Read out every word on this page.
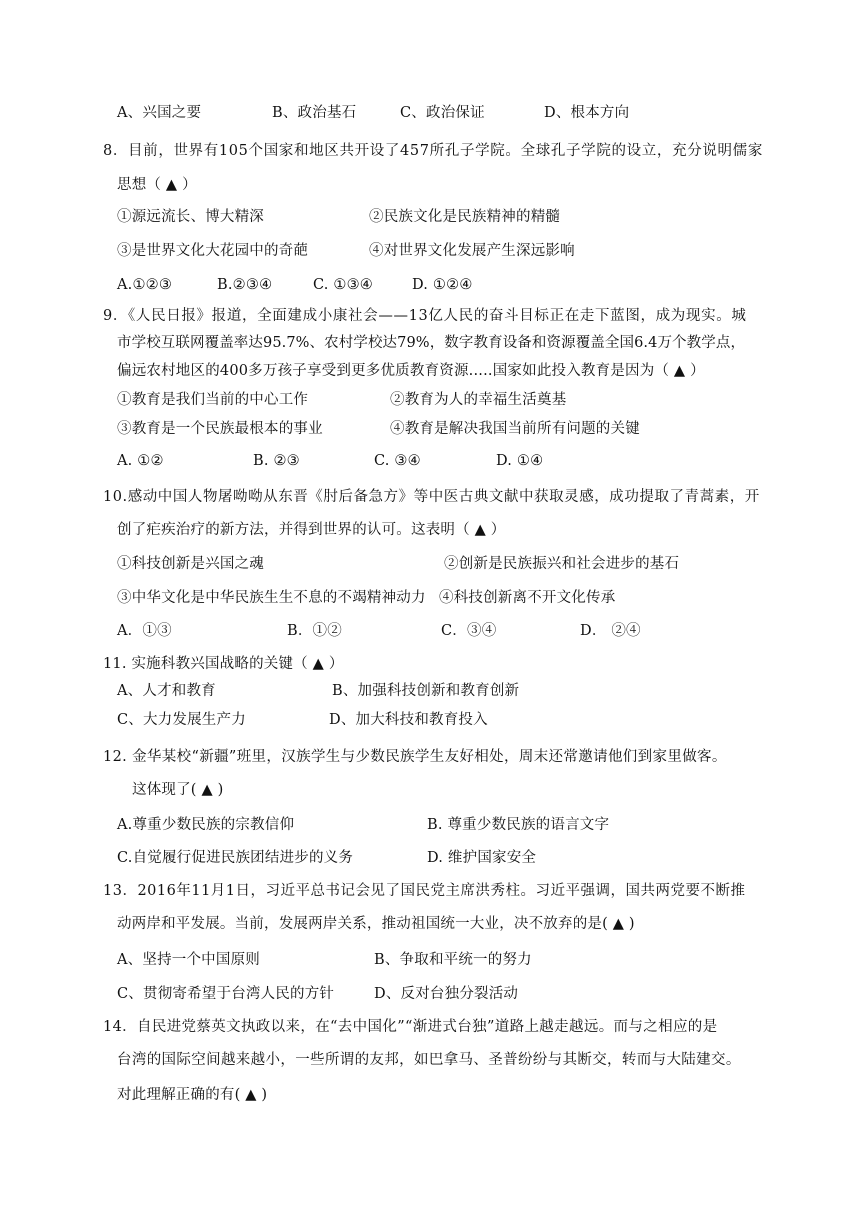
A、兴国之要	B、政治基石	C、政治保证	D、根本方向
8．目前，世界有105个国家和地区共开设了457所孔子学院。全球孔子学院的设立，充分说明儒家
思想（ ▲ ）
①源远流长、博大精深	②民族文化是民族精神的精髓
③是世界文化大花园中的奇葩	④对世界文化发展产生深远影响
A.①②③	B.②③④	C. ①③④	D. ①②④
9．《人民日报》报道，全面建成小康社会——13亿人民的奋斗目标正在走下蓝图，成为现实。城
市学校互联网覆盖率达95.7%、农村学校达79%，数字教育设备和资源覆盖全国6.4万个教学点，
偏远农村地区的400多万孩子享受到更多优质教育资源.....国家如此投入教育是因为（ ▲ ）
①教育是我们当前的中心工作	②教育为人的幸福生活奠基
③教育是一个民族最根本的事业	④教育是解决我国当前所有问题的关键
A. ①②	B. ②③	C. ③④	D. ①④
10.感动中国人物屠呦呦从东晋《肘后备急方》等中医古典文献中获取灵感，成功提取了青蒿素，开
创了疟疾治疗的新方法，并得到世界的认可。这表明（ ▲ ）
①科技创新是兴国之魂	②创新是民族振兴和社会进步的基石
③中华文化是中华民族生生不息的不竭精神动力 ④科技创新离不开文化传承
A．①③	B．①②	C．③④	D． ②④
11. 实施科教兴国战略的关键（ ▲ ）
A、人才和教育	B、加强科技创新和教育创新
C、大力发展生产力	D、加大科技和教育投入
12. 金华某校“新疆”班里，汉族学生与少数民族学生友好相处，周末还常邀请他们到家里做客。
这体现了( ▲ )
A.尊重少数民族的宗教信仰	B. 尊重少数民族的语言文字
C.自觉履行促进民族团结进步的义务	D. 维护国家安全
13．2016年11月1日，习近平总书记会见了国民党主席洪秀柱。习近平强调，国共两党要不断推
动两岸和平发展。当前，发展两岸关系，推动祖国统一大业，决不放弃的是( ▲ )
A、坚持一个中国原则	B、争取和平统一的努力
C、贯彻寄希望于台湾人民的方针	D、反对台独分裂活动
14．自民进党蔡英文执政以来，在“去中国化”“渐进式台独”道路上越走越远。而与之相应的是
台湾的国际空间越来越小，一些所谓的友邦，如巴拿马、圣普纷纷与其断交，转而与大陆建交。
对此理解正确的有( ▲ )
